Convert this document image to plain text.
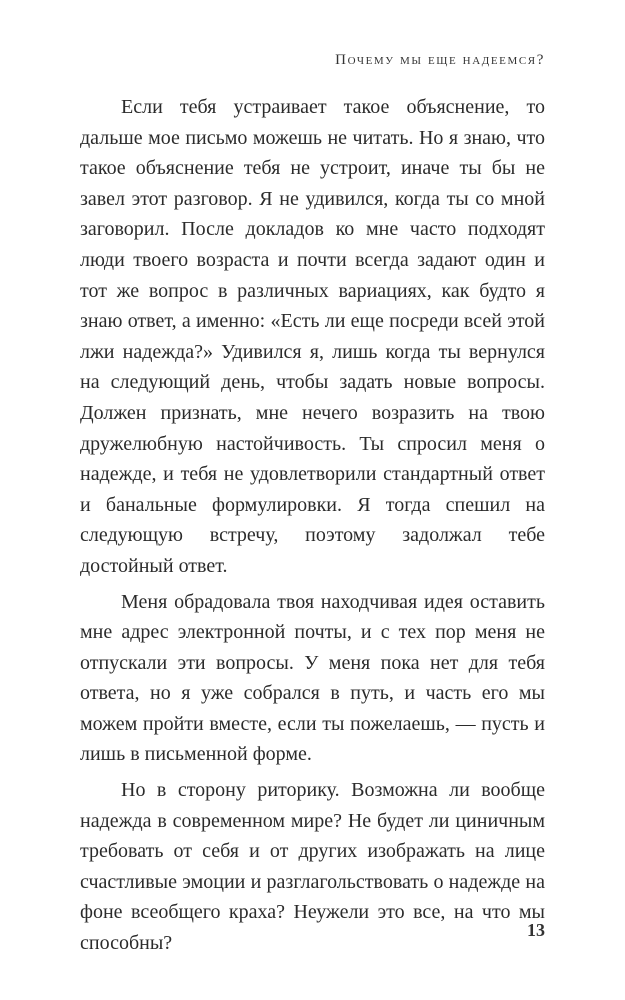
Почему мы еще надеемся?

Если тебя устраивает такое объяснение, то дальше мое письмо можешь не читать. Но я знаю, что такое объяснение тебя не устроит, иначе ты бы не завел этот разговор. Я не удивился, когда ты со мной заговорил. После докладов ко мне часто подходят люди твоего возраста и почти всегда задают один и тот же вопрос в различных вариациях, как будто я знаю ответ, а именно: «Есть ли еще посреди всей этой лжи надежда?» Удивился я, лишь когда ты вернулся на следующий день, чтобы задать новые вопросы. Должен признать, мне нечего возразить на твою дружелюбную настойчивость. Ты спросил меня о надежде, и тебя не удовлетворили стандартный ответ и банальные формулировки. Я тогда спешил на следующую встречу, поэтому задолжал тебе достойный ответ.

Меня обрадовала твоя находчивая идея оставить мне адрес электронной почты, и с тех пор меня не отпускали эти вопросы. У меня пока нет для тебя ответа, но я уже собрался в путь, и часть его мы можем пройти вместе, если ты пожелаешь, — пусть и лишь в письменной форме.

Но в сторону риторику. Возможна ли вообще надежда в современном мире? Не будет ли циничным требовать от себя и от других изображать на лице счастливые эмоции и разглагольствовать о надежде на фоне всеобщего краха? Неужели это все, на что мы способны?

13
